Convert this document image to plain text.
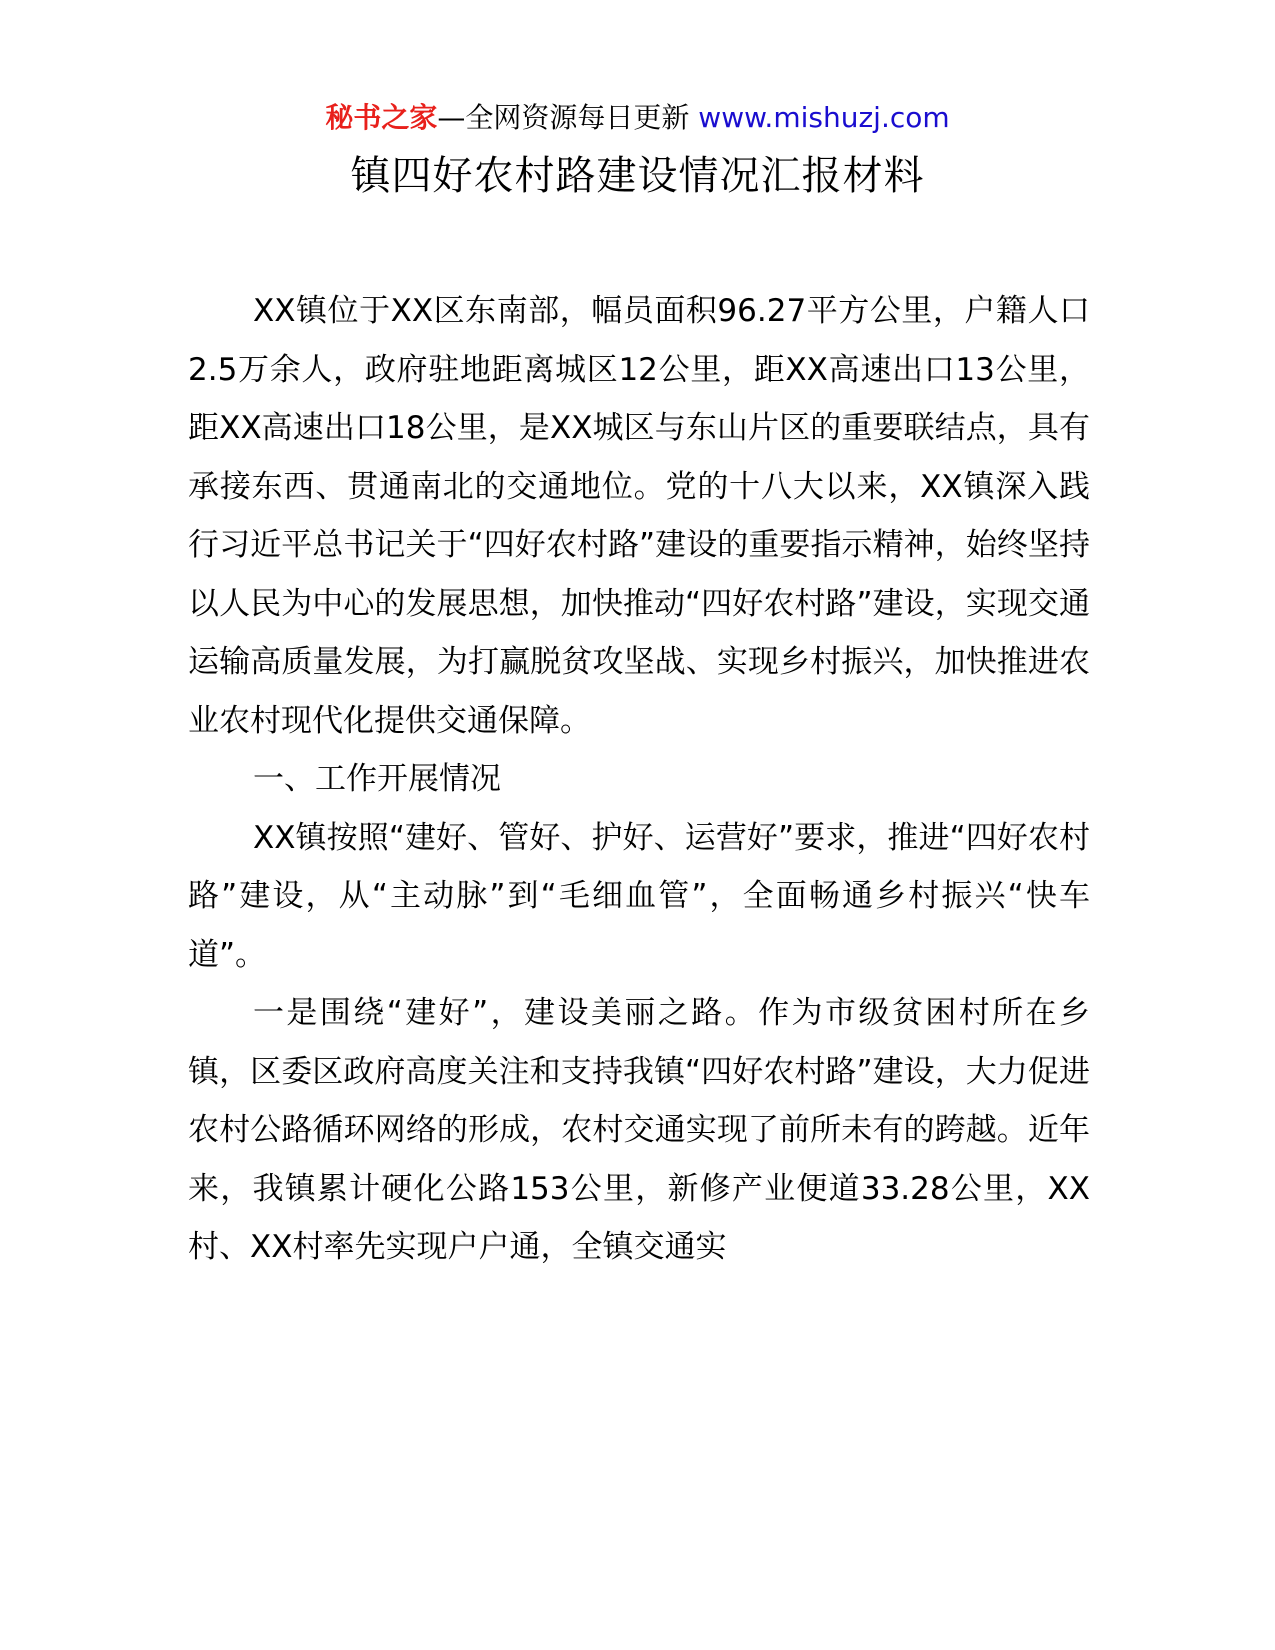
秘书之家—全网资源每日更新 www.mishuzj.com
镇四好农村路建设情况汇报材料

XX镇位于XX区东南部，幅员面积96.27平方公里，户籍人口2.5万余人，政府驻地距离城区12公里，距XX高速出口13公里，距XX高速出口18公里，是XX城区与东山片区的重要联结点，具有承接东西、贯通南北的交通地位。党的十八大以来，XX镇深入践行习近平总书记关于“四好农村路”建设的重要指示精神，始终坚持以人民为中心的发展思想，加快推动“四好农村路”建设，实现交通运输高质量发展，为打赢脱贫攻坚战、实现乡村振兴，加快推进农业农村现代化提供交通保障。

一、工作开展情况

XX镇按照“建好、管好、护好、运营好”要求，推进“四好农村路”建设，从“主动脉”到“毛细血管”，全面畅通乡村振兴“快车道”。

一是围绕“建好”，建设美丽之路。作为市级贫困村所在乡镇，区委区政府高度关注和支持我镇“四好农村路”建设，大力促进农村公路循环网络的形成，农村交通实现了前所未有的跨越。近年来，我镇累计硬化公路153公里，新修产业便道33.28公里，XX村、XX村率先实现户户通，全镇交通实
